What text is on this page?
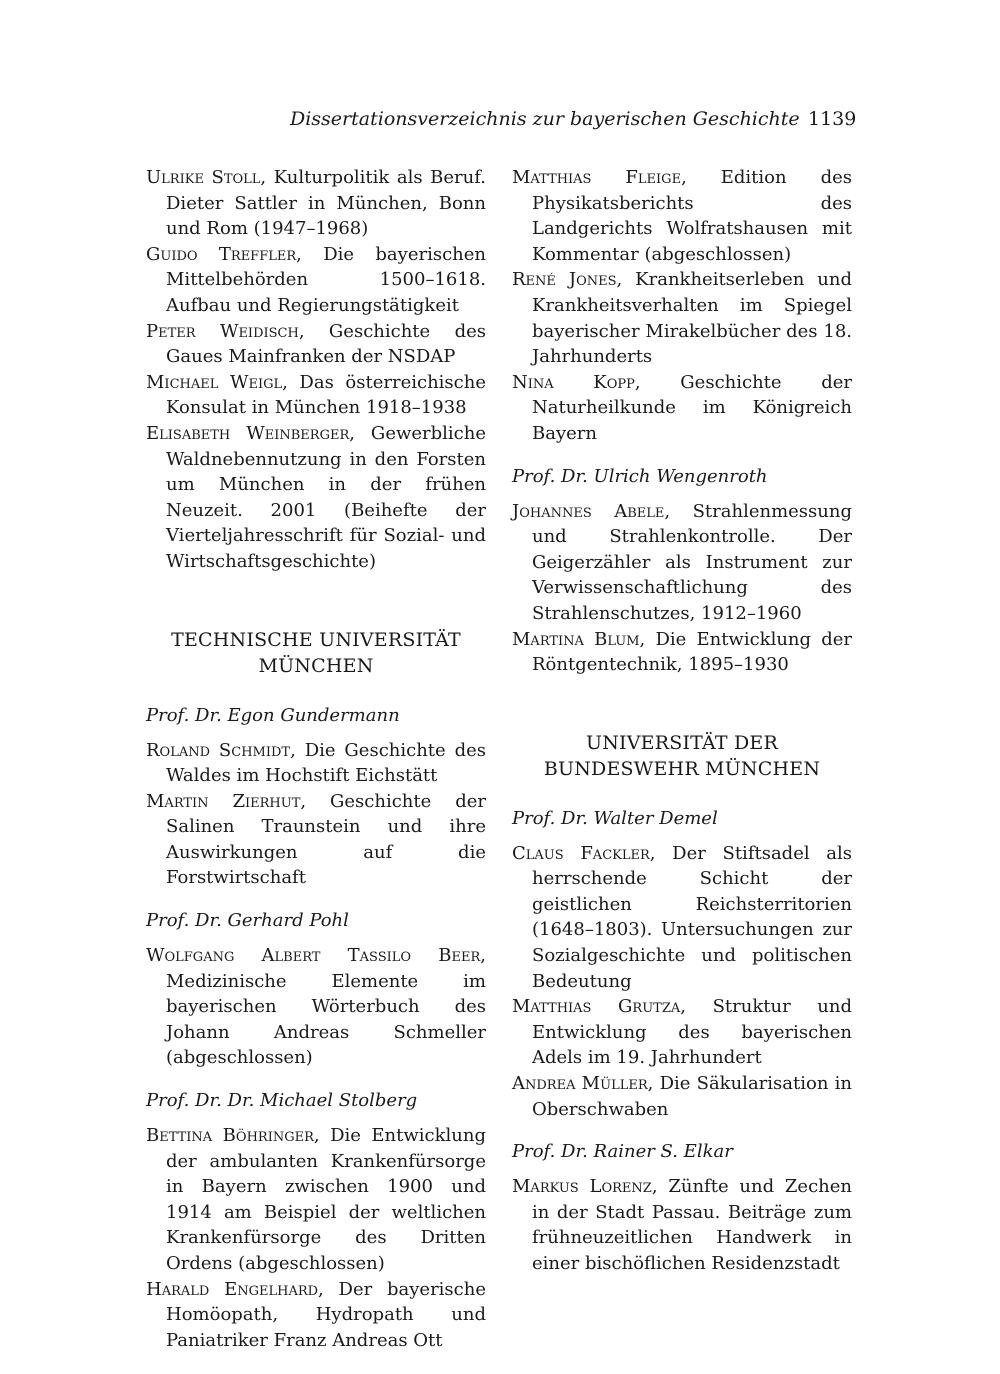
Dissertationsverzeichnis zur bayerischen Geschichte 1139
Ulrike Stoll, Kulturpolitik als Beruf. Dieter Sattler in München, Bonn und Rom (1947–1968)
Guido Treffler, Die bayerischen Mittelbehörden 1500–1618. Aufbau und Regierungstätigkeit
Peter Weidisch, Geschichte des Gaues Mainfranken der NSDAP
Michael Weigl, Das österreichische Konsulat in München 1918–1938
Elisabeth Weinberger, Gewerbliche Waldnebennutzung in den Forsten um München in der frühen Neuzeit. 2001 (Beihefte der Vierteljahresschrift für Sozial- und Wirtschaftsgeschichte)
TECHNISCHE UNIVERSITÄT MÜNCHEN
Prof. Dr. Egon Gundermann
Roland Schmidt, Die Geschichte des Waldes im Hochstift Eichstätt
Martin Zierhut, Geschichte der Salinen Traunstein und ihre Auswirkungen auf die Forstwirtschaft
Prof. Dr. Gerhard Pohl
Wolfgang Albert Tassilo Beer, Medizinische Elemente im bayerischen Wörterbuch des Johann Andreas Schmeller (abgeschlossen)
Prof. Dr. Dr. Michael Stolberg
Bettina Böhringer, Die Entwicklung der ambulanten Krankenfürsorge in Bayern zwischen 1900 und 1914 am Beispiel der weltlichen Krankenfürsorge des Dritten Ordens (abgeschlossen)
Harald Engelhard, Der bayerische Homöopath, Hydropath und Paniatriker Franz Andreas Ott
Matthias Fleige, Edition des Physikatsberichts des Landgerichts Wolfratshausen mit Kommentar (abgeschlossen)
René Jones, Krankheitserleben und Krankheitsverhalten im Spiegel bayerischer Mirakelbücher des 18. Jahrhunderts
Nina Kopp, Geschichte der Naturheilkunde im Königreich Bayern
Prof. Dr. Ulrich Wengenroth
Johannes Abele, Strahlenmessung und Strahlenkontrolle. Der Geigerzähler als Instrument zur Verwissenschaftlichung des Strahlenschutzes, 1912–1960
Martina Blum, Die Entwicklung der Röntgentechnik, 1895–1930
UNIVERSITÄT DER BUNDESWEHR MÜNCHEN
Prof. Dr. Walter Demel
Claus Fackler, Der Stiftsadel als herrschende Schicht der geistlichen Reichsterritorien (1648–1803). Untersuchungen zur Sozialgeschichte und politischen Bedeutung
Matthias Grutza, Struktur und Entwicklung des bayerischen Adels im 19. Jahrhundert
Andrea Müller, Die Säkularisation in Oberschwaben
Prof. Dr. Rainer S. Elkar
Markus Lorenz, Zünfte und Zechen in der Stadt Passau. Beiträge zum frühneuzeitlichen Handwerk in einer bischöflichen Residenzstadt
